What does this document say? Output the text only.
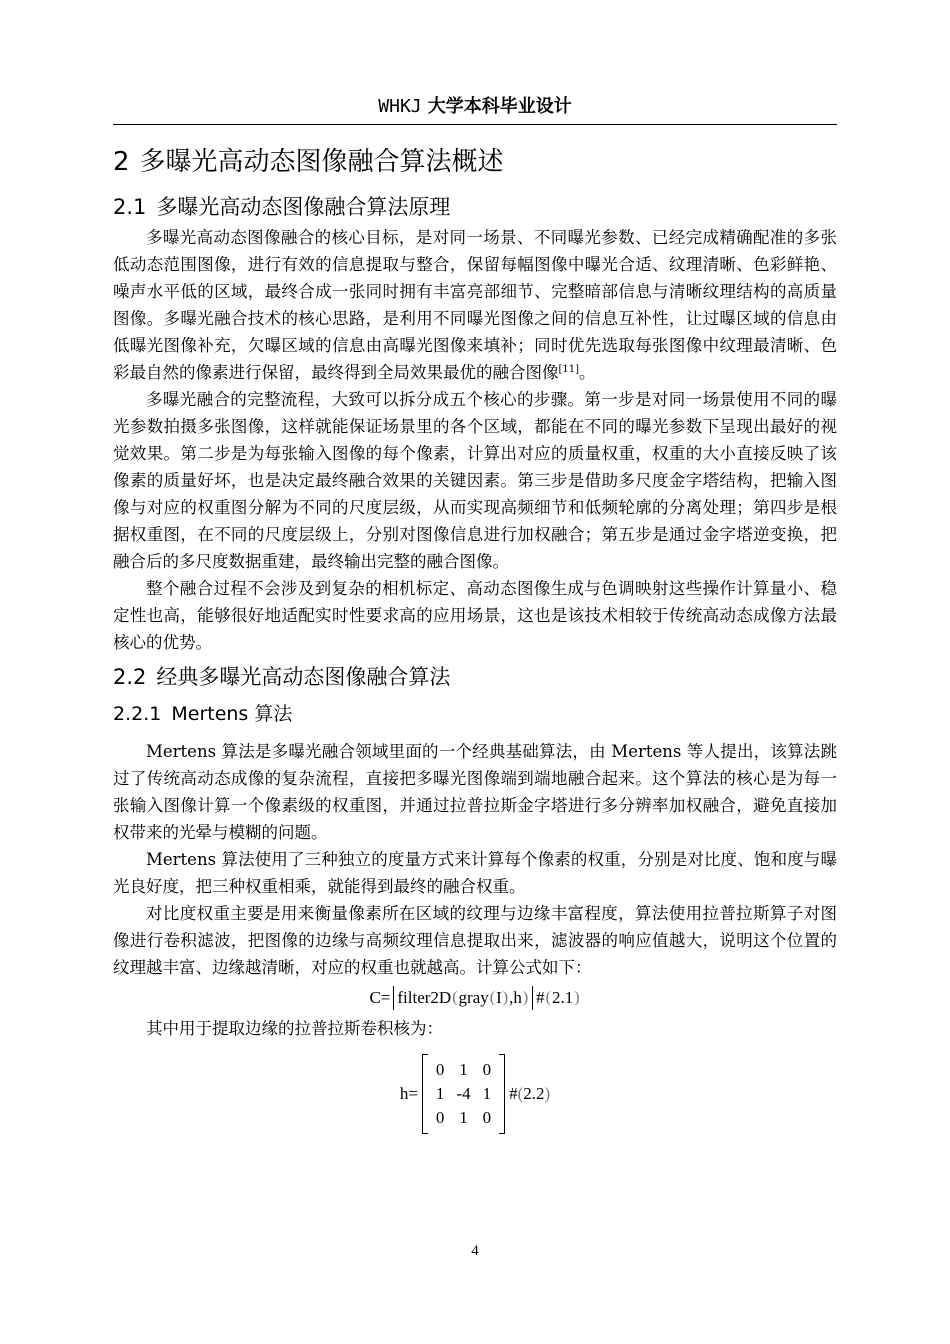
WHKJ 大学本科毕业设计
2 多曝光高动态图像融合算法概述
2.1 多曝光高动态图像融合算法原理

多曝光高动态图像融合的核心目标，是对同一场景、不同曝光参数、已经完成精确配准的多张低动态范围图像，进行有效的信息提取与整合，保留每幅图像中曝光合适、纹理清晰、色彩鲜艳、噪声水平低的区域，最终合成一张同时拥有丰富亮部细节、完整暗部信息与清晰纹理结构的高质量图像。多曝光融合技术的核心思路，是利用不同曝光图像之间的信息互补性，让过曝区域的信息由低曝光图像补充，欠曝区域的信息由高曝光图像来填补；同时优先选取每张图像中纹理最清晰、色彩最自然的像素进行保留，最终得到全局效果最优的融合图像[11]。

多曝光融合的完整流程，大致可以拆分成五个核心的步骤。第一步是对同一场景使用不同的曝光参数拍摄多张图像，这样就能保证场景里的各个区域，都能在不同的曝光参数下呈现出最好的视觉效果。第二步是为每张输入图像的每个像素，计算出对应的质量权重，权重的大小直接反映了该像素的质量好坏，也是决定最终融合效果的关键因素。第三步是借助多尺度金字塔结构，把输入图像与对应的权重图分解为不同的尺度层级，从而实现高频细节和低频轮廓的分离处理；第四步是根据权重图，在不同的尺度层级上，分别对图像信息进行加权融合；第五步是通过金字塔逆变换，把融合后的多尺度数据重建，最终输出完整的融合图像。

整个融合过程不会涉及到复杂的相机标定、高动态图像生成与色调映射这些操作计算量小、稳定性也高，能够很好地适配实时性要求高的应用场景，这也是该技术相较于传统高动态成像方法最核心的优势。

2.2 经典多曝光高动态图像融合算法
2.2.1 Mertens 算法

Mertens 算法是多曝光融合领域里面的一个经典基础算法，由 Mertens 等人提出，该算法跳过了传统高动态成像的复杂流程，直接把多曝光图像端到端地融合起来。这个算法的核心是为每一张输入图像计算一个像素级的权重图，并通过拉普拉斯金字塔进行多分辨率加权融合，避免直接加权带来的光晕与模糊的问题。

Mertens 算法使用了三种独立的度量方式来计算每个像素的权重，分别是对比度、饱和度与曝光良好度，把三种权重相乘，就能得到最终的融合权重。

对比度权重主要是用来衡量像素所在区域的纹理与边缘丰富程度，算法使用拉普拉斯算子对图像进行卷积滤波，把图像的边缘与高频纹理信息提取出来，滤波器的响应值越大，说明这个位置的纹理越丰富、边缘越清晰，对应的权重也就越高。计算公式如下：

C= filter2D ( gray ( I ) ,h ) # ( 2.1 )

其中用于提取边缘的拉普拉斯卷积核为：

h=
0	1	0
1	-4	1
0	1	0
# ( 2.2 )
4
